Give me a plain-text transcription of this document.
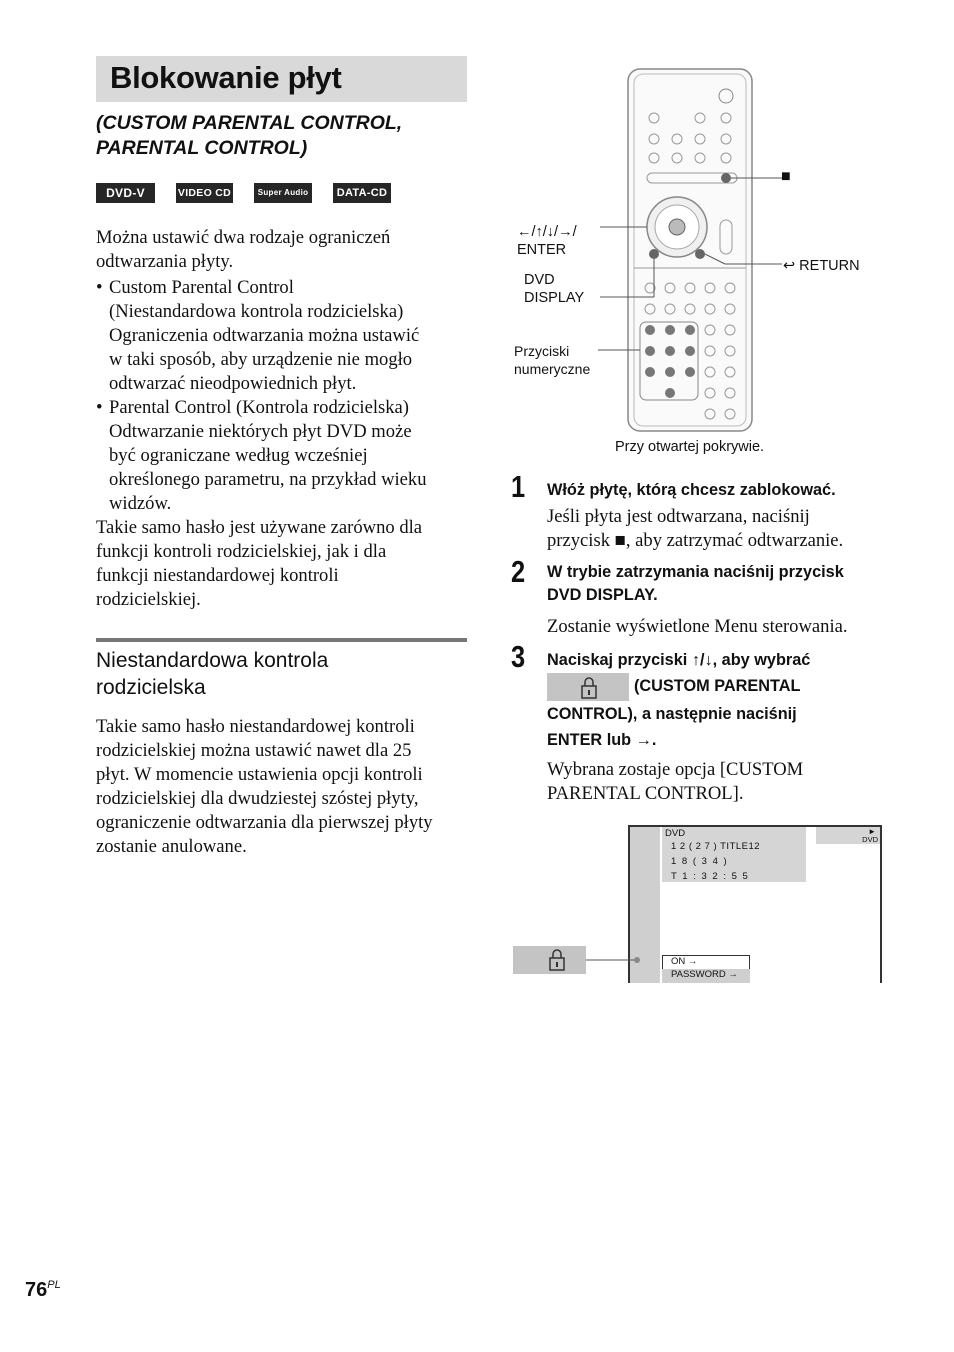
Blokowanie płyt
(CUSTOM PARENTAL CONTROL, PARENTAL CONTROL)
DVD-V	VIDEO CD	Super Audio CD
DATA-CD
Można ustawić dwa rodzaje ograniczeń odtwarzania płyty.
• Custom Parental Control
(Niestandardowa kontrola rodzicielska)
Ograniczenia odtwarzania można ustawić
w taki sposób, aby urządzenie nie mogło
odtwarzać nieodpowiednich płyt.
• Parental Control (Kontrola rodzicielska)
Odtwarzanie niektórych płyt DVD może
być ograniczane według wcześniej
określonego parametru, na przykład wieku
widzów.
Takie samo hasło jest używane zarówno dla
funkcji kontroli rodzicielskiej, jak i dla
funkcji niestandardowej kontroli
rodzicielskiej.
Niestandardowa kontrola
rodzicielska
Takie samo hasło niestandardowej kontroli
rodzicielskiej można ustawić nawet dla 25
płyt. W momencie ustawienia opcji kontroli
rodzicielskiej dla dwudziestej szóstej płyty,
ograniczenie odtwarzania dla pierwszej płyty
zostanie anulowane.
←/↑/↓/→/
ENTER
DVD
DISPLAY
Przyciski
numeryczne
■
↩ RETURN
Przy otwartej pokrywie.
1 Włóż płytę, którą chcesz zablokować.
Jeśli płyta jest odtwarzana, naciśnij
przycisk ■, aby zatrzymać odtwarzanie.
2 W trybie zatrzymania naciśnij przycisk
DVD DISPLAY.
Zostanie wyświetlone Menu sterowania.
3 Naciskaj przyciski ↑/↓, aby wybrać
(CUSTOM PARENTAL
CONTROL), a następnie naciśnij
ENTER lub →.
Wybrana zostaje opcja [CUSTOM
PARENTAL CONTROL].
DVD
1 2 ( 2 7 ) TITLE12
1 8 ( 3 4 )
T 1 : 3 2 : 5 5
►
DVD
ON →
PASSWORD →
$76^{PL}$
